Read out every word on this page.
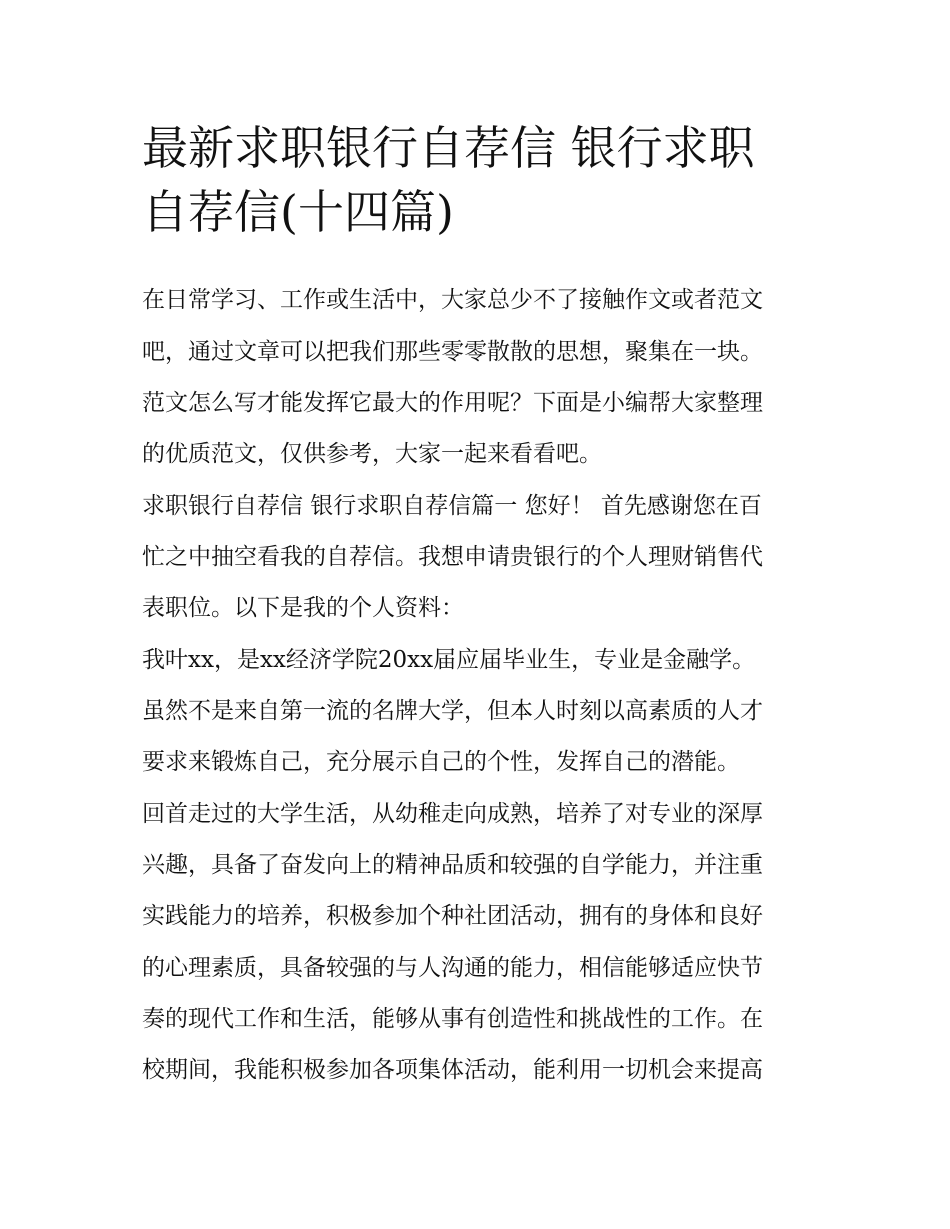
最新求职银行自荐信 银行求职
自荐信(十四篇)

在日常学习、工作或生活中，大家总少不了接触作文或者范文

吧，通过文章可以把我们那些零零散散的思想，聚集在一块。

范文怎么写才能发挥它最大的作用呢？下面是小编帮大家整理

的优质范文，仅供参考，大家一起来看看吧。

求职银行自荐信 银行求职自荐信篇一 您好！ 首先感谢您在百

忙之中抽空看我的自荐信。我想申请贵银行的个人理财销售代

表职位。以下是我的个人资料：

我叶xx，是xx经济学院20xx届应届毕业生，专业是金融学。

虽然不是来自第一流的名牌大学，但本人时刻以高素质的人才

要求来锻炼自己，充分展示自己的个性，发挥自己的潜能。

回首走过的大学生活，从幼稚走向成熟，培养了对专业的深厚

兴趣，具备了奋发向上的精神品质和较强的自学能力，并注重

实践能力的培养，积极参加个种社团活动，拥有的身体和良好

的心理素质，具备较强的与人沟通的能力，相信能够适应快节

奏的现代工作和生活，能够从事有创造性和挑战性的工作。在

校期间，我能积极参加各项集体活动，能利用一切机会来提高
